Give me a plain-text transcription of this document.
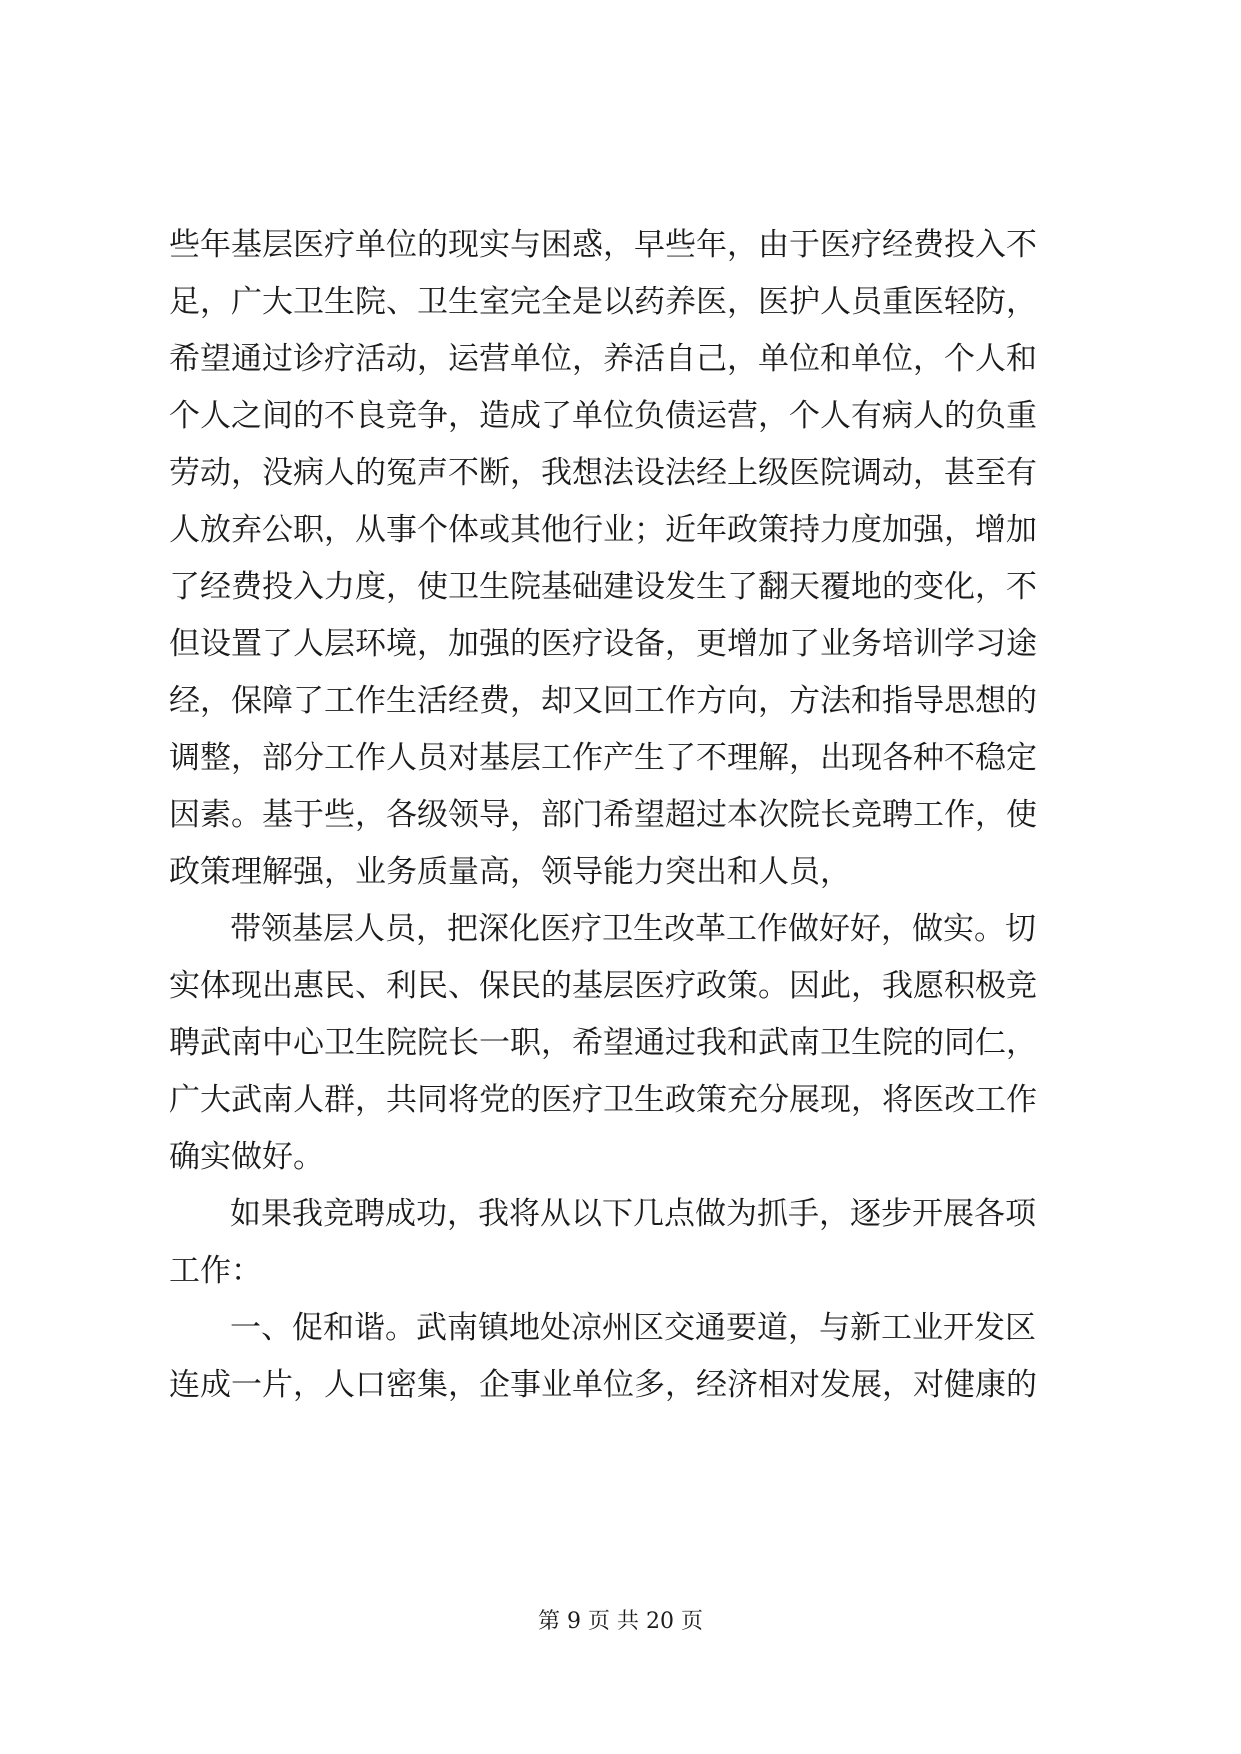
些年基层医疗单位的现实与困惑，早些年，由于医疗经费投入不
足，广大卫生院、卫生室完全是以药养医，医护人员重医轻防，
希望通过诊疗活动，运营单位，养活自己，单位和单位，个人和
个人之间的不良竞争，造成了单位负债运营，个人有病人的负重
劳动，没病人的冤声不断，我想法设法经上级医院调动，甚至有
人放弃公职，从事个体或其他行业；近年政策持力度加强，增加
了经费投入力度，使卫生院基础建设发生了翻天覆地的变化，不
但设置了人层环境，加强的医疗设备，更增加了业务培训学习途
经，保障了工作生活经费，却又回工作方向，方法和指导思想的
调整，部分工作人员对基层工作产生了不理解，出现各种不稳定
因素。基于些，各级领导，部门希望超过本次院长竞聘工作，使
政策理解强，业务质量高，领导能力突出和人员，
带领基层人员，把深化医疗卫生改革工作做好好，做实。切
实体现出惠民、利民、保民的基层医疗政策。因此，我愿积极竞
聘武南中心卫生院院长一职，希望通过我和武南卫生院的同仁，
广大武南人群，共同将党的医疗卫生政策充分展现，将医改工作
确实做好。
如果我竞聘成功，我将从以下几点做为抓手，逐步开展各项
工作：
一、促和谐。武南镇地处凉州区交通要道，与新工业开发区
连成一片，人口密集，企事业单位多，经济相对发展，对健康的
第 9 页 共 20 页
